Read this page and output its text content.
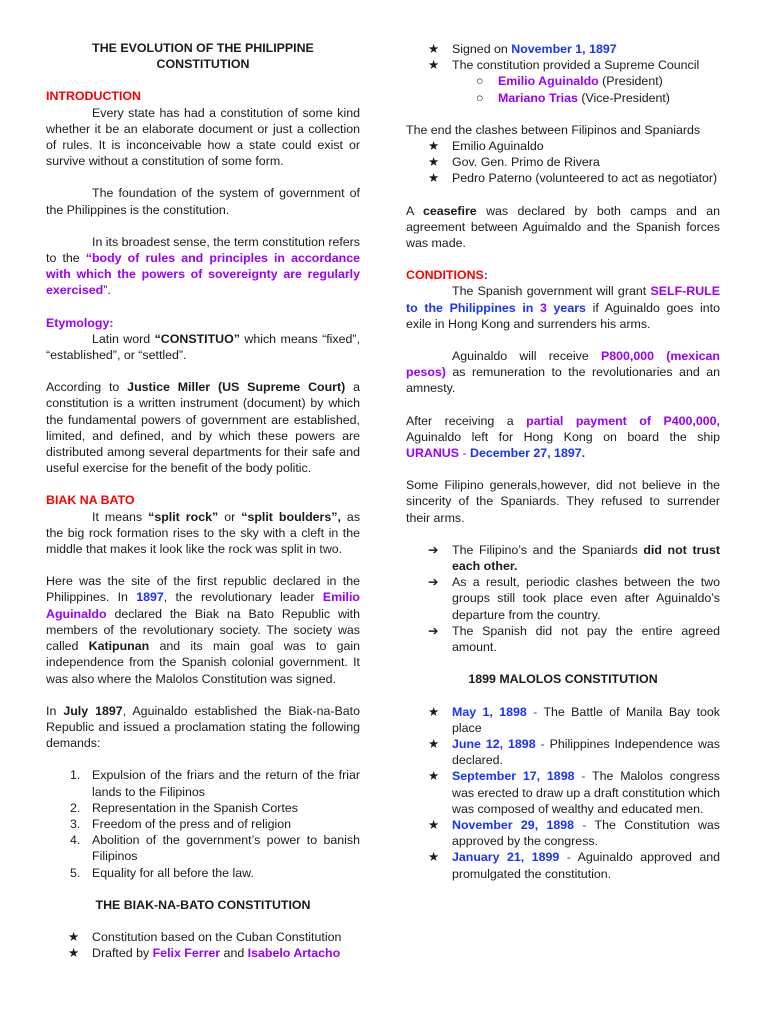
THE EVOLUTION OF THE PHILIPPINE
CONSTITUTION
INTRODUCTION

Every state has had a constitution of some kind whether it be an elaborate document or just a collection of rules. It is inconceivable how a state could exist or survive without a constitution of some form.

The foundation of the system of government of the Philippines is the constitution.

In its broadest sense, the term constitution refers to the “body of rules and principles in accordance with which the powers of sovereignty are regularly exercised”.

Etymology:

Latin word “CONSTITUO” which means “fixed”, “established”, or “settled”.

According to Justice Miller (US Supreme Court) a constitution is a written instrument (document) by which the fundamental powers of government are established, limited, and defined, and by which these powers are distributed among several departments for their safe and useful exercise for the benefit of the body politic.

BIAK NA BATO

It means “split rock” or “split boulders”, as the big rock formation rises to the sky with a cleft in the middle that makes it look like the rock was split in two.

Here was the site of the first republic declared in the Philippines. In 1897, the revolutionary leader Emilio Aguinaldo declared the Biak na Bato Republic with members of the revolutionary society. The society was called Katipunan and its main goal was to gain independence from the Spanish colonial government. It was also where the Malolos Constitution was signed.

In July 1897, Aguinaldo established the Biak-na-Bato Republic and issued a proclamation stating the following demands:

1. Expulsion of the friars and the return of the friar lands to the Filipinos
2. Representation in the Spanish Cortes
3. Freedom of the press and of religion
4. Abolition of the government’s power to banish Filipinos
5. Equality for all before the law.
THE BIAK-NA-BATO CONSTITUTION
★	Constitution based on the Cuban Constitution
★	Drafted by Felix Ferrer and Isabelo Artacho
★	Signed on November 1, 1897
★	The constitution provided a Supreme Council
○ Emilio Aguinaldo (President)
○ Mariano Trias (Vice-President)

The end the clashes between Filipinos and Spaniards

★	Emilio Aguinaldo
★	Gov. Gen. Primo de Rivera
★	Pedro Paterno (volunteered to act as negotiator)

A ceasefire was declared by both camps and an agreement between Aguimaldo and the Spanish forces was made.

CONDITIONS:

The Spanish government will grant SELF-RULE to the Philippines in 3 years if Aguinaldo goes into exile in Hong Kong and surrenders his arms.

Aguinaldo will receive P800,000 (mexican pesos) as remuneration to the revolutionaries and an amnesty.

After receiving a partial payment of P400,000, Aguinaldo left for Hong Kong on board the ship URANUS - December 27, 1897.

Some Filipino generals,however, did not believe in the sincerity of the Spaniards. They refused to surrender their arms.

➔	The Filipino’s and the Spaniards did not trust each other.
➔	As a result, periodic clashes between the two groups still took place even after Aguinaldo’s departure from the country.
➔	The Spanish did not pay the entire agreed amount.
1899 MALOLOS CONSTITUTION
★	May 1, 1898 - The Battle of Manila Bay took place
★	June 12, 1898 - Philippines Independence was declared.
★	September 17, 1898 - The Malolos congress was erected to draw up a draft constitution which was composed of wealthy and educated men.
★	November 29, 1898 - The Constitution was approved by the congress.
★	January 21, 1899 - Aguinaldo approved and promulgated the constitution.
